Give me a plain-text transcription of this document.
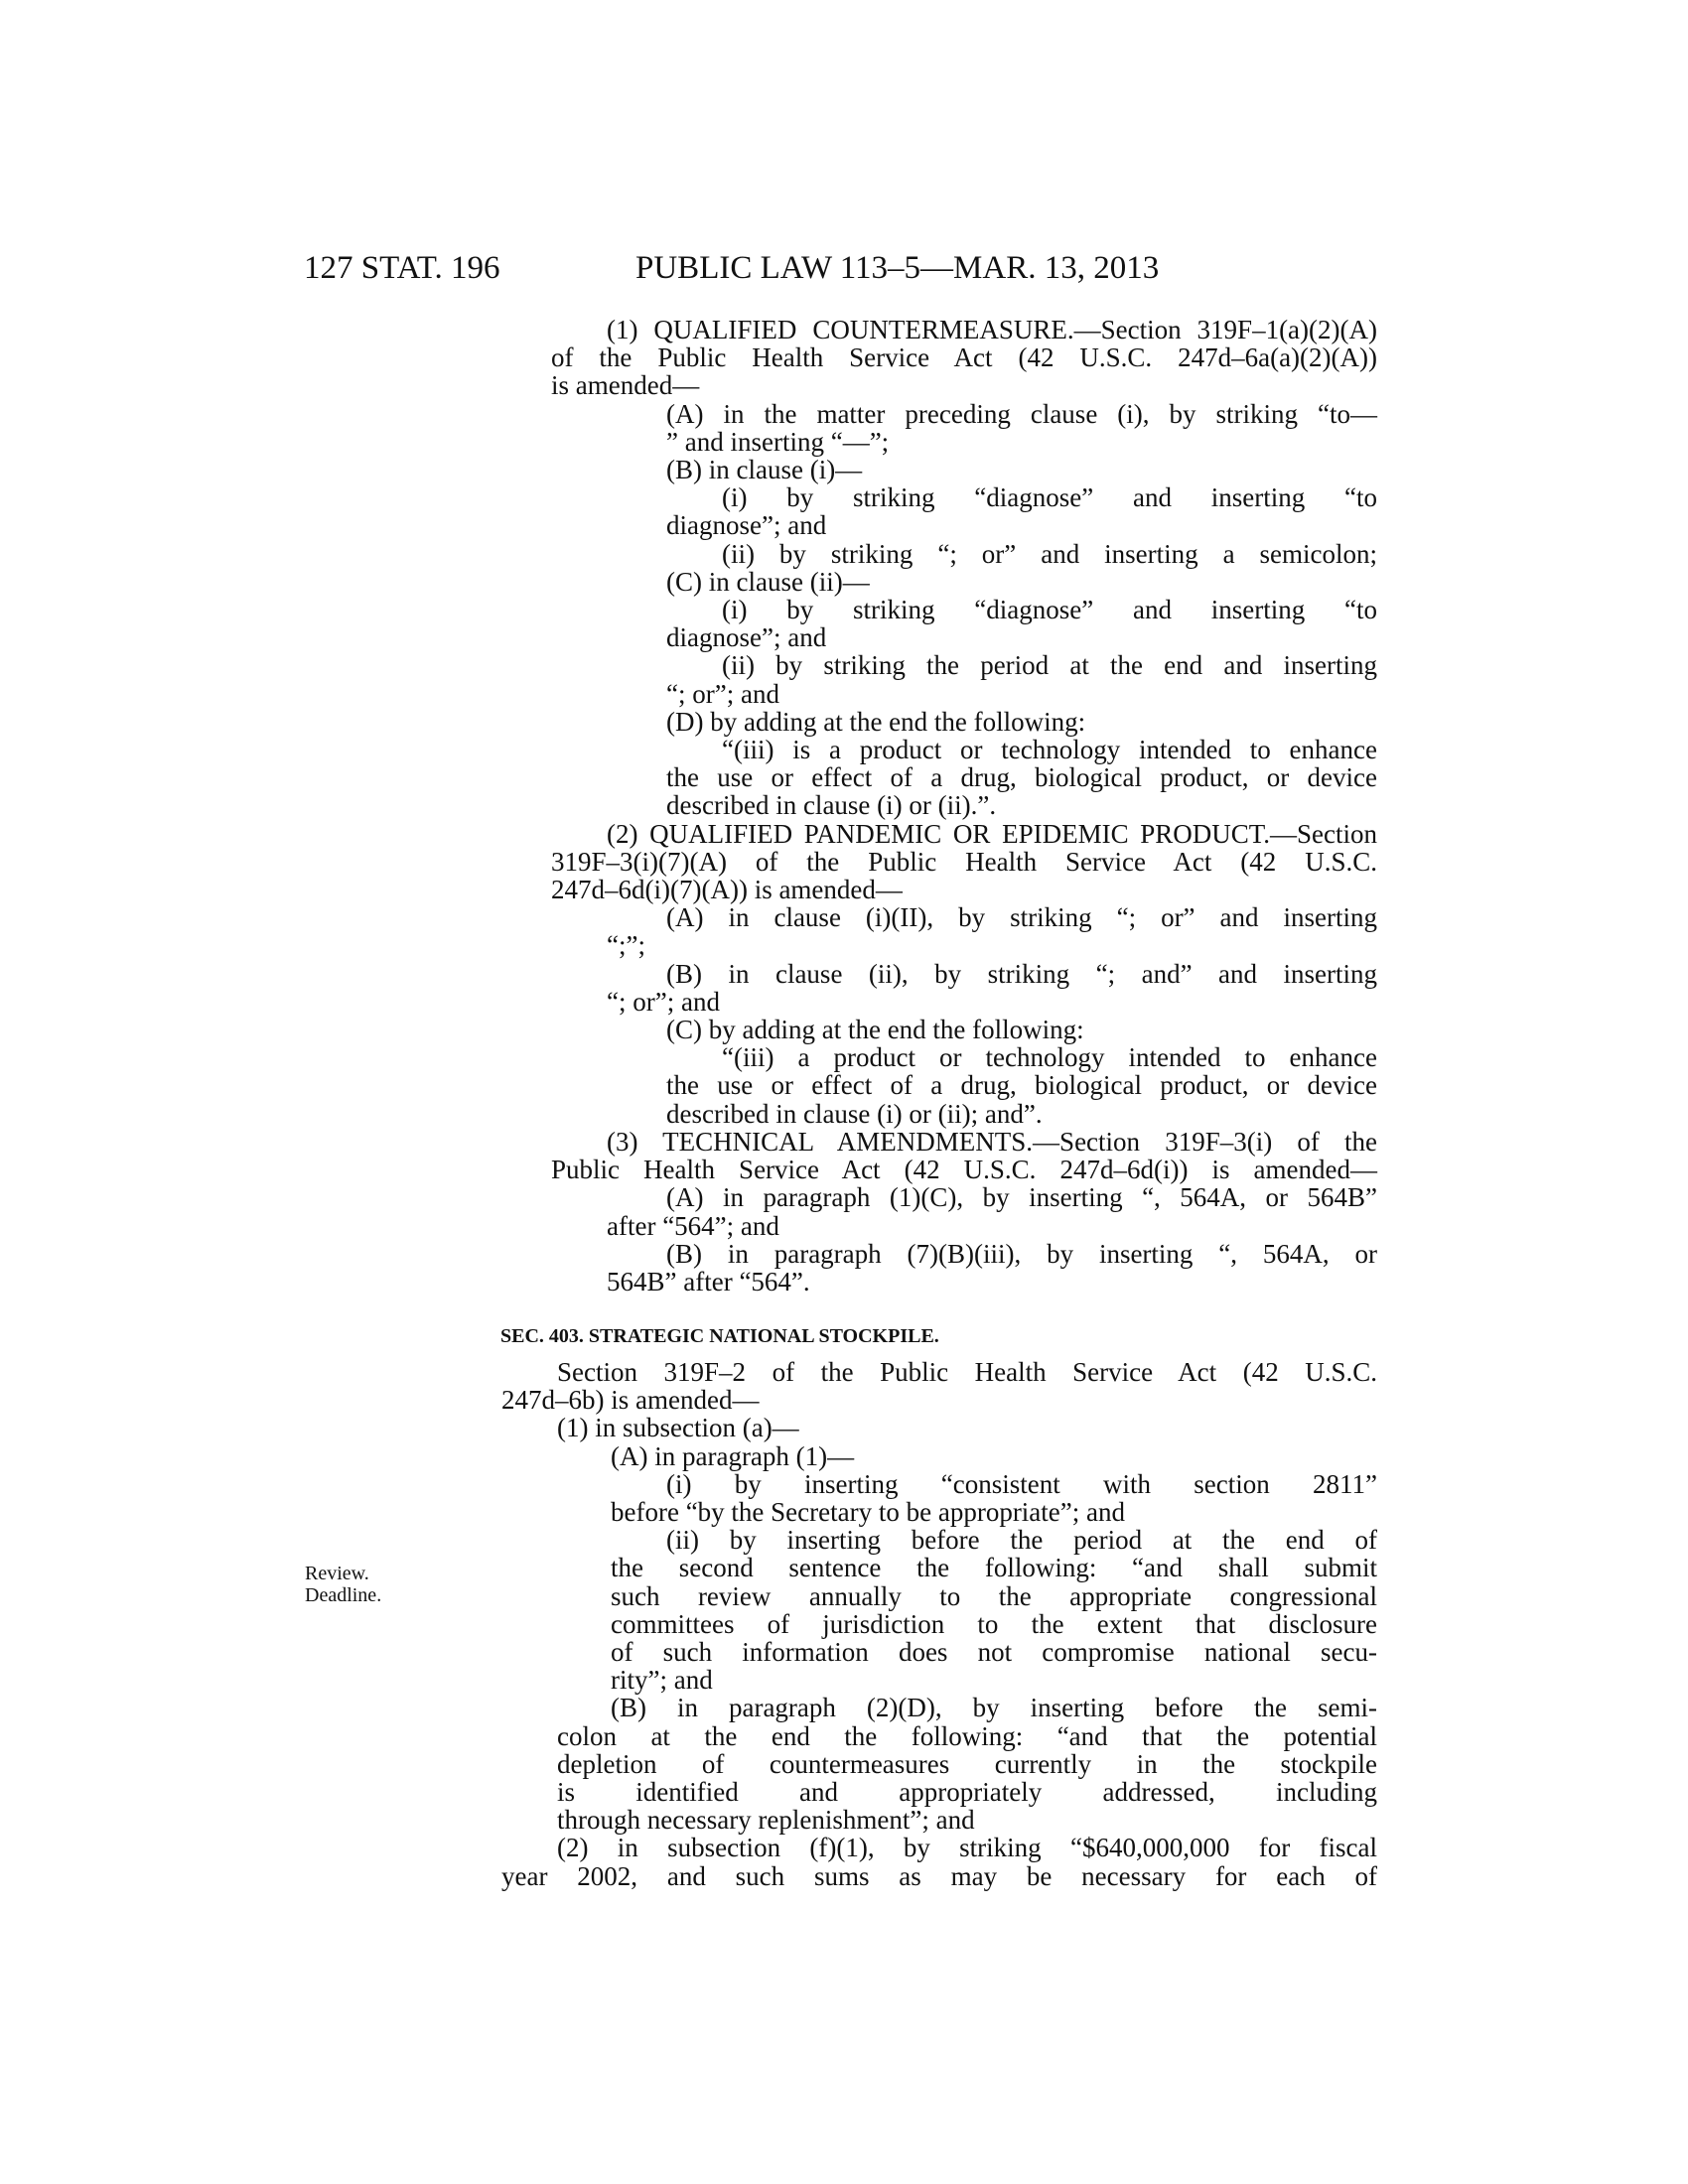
127 STAT. 196	PUBLIC LAW 113–5—MAR. 13, 2013
(1) QUALIFIED COUNTERMEASURE.—Section 319F–1(a)(2)(A)
of the Public Health Service Act (42 U.S.C. 247d–6a(a)(2)(A))
is amended—
(A) in the matter preceding clause (i), by striking “to—
” and inserting “—”;
(B) in clause (i)—
(i) by striking “diagnose” and inserting “to
diagnose”; and
(ii) by striking “; or” and inserting a semicolon;
(C) in clause (ii)—
(i) by striking “diagnose” and inserting “to
diagnose”; and
(ii) by striking the period at the end and inserting
“; or”; and
(D) by adding at the end the following:
“(iii) is a product or technology intended to enhance
the use or effect of a drug, biological product, or device
described in clause (i) or (ii).”.
(2) QUALIFIED PANDEMIC OR EPIDEMIC PRODUCT.—Section
319F–3(i)(7)(A) of the Public Health Service Act (42 U.S.C.
247d–6d(i)(7)(A)) is amended—
(A) in clause (i)(II), by striking “; or” and inserting
“;”;
(B) in clause (ii), by striking “; and” and inserting
“; or”; and
(C) by adding at the end the following:
“(iii) a product or technology intended to enhance
the use or effect of a drug, biological product, or device
described in clause (i) or (ii); and”.
(3) TECHNICAL AMENDMENTS.—Section 319F–3(i) of the
Public Health Service Act (42 U.S.C. 247d–6d(i)) is amended—
(A) in paragraph (1)(C), by inserting “, 564A, or 564B”
after “564”; and
(B) in paragraph (7)(B)(iii), by inserting “, 564A, or
564B” after “564”.
SEC. 403. STRATEGIC NATIONAL STOCKPILE.
Section 319F–2 of the Public Health Service Act (42 U.S.C.
247d–6b) is amended—
(1) in subsection (a)—
(A) in paragraph (1)—
(i) by inserting “consistent with section 2811”
before “by the Secretary to be appropriate”; and
(ii) by inserting before the period at the end of
the second sentence the following: “and shall submit
such review annually to the appropriate congressional
committees of jurisdiction to the extent that disclosure
of such information does not compromise national secu-
rity”; and
(B) in paragraph (2)(D), by inserting before the semi-
colon at the end the following: “and that the potential
depletion of countermeasures currently in the stockpile
is identified and appropriately addressed, including
through necessary replenishment”; and
(2) in subsection (f)(1), by striking “$640,000,000 for fiscal
year 2002, and such sums as may be necessary for each of
Review.
Deadline.
